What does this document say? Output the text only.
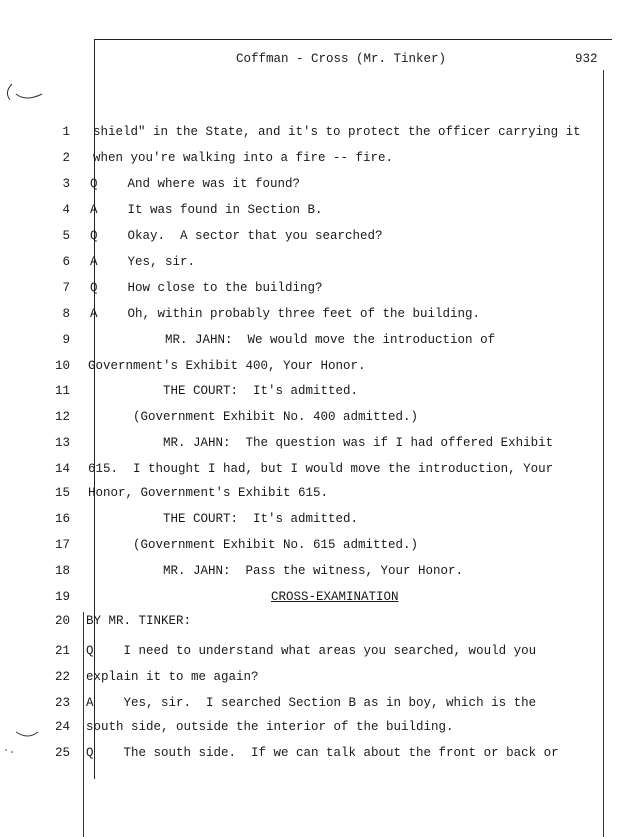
Coffman - Cross (Mr. Tinker)	932
1 shield" in the State, and it's to protect the officer carrying it
2 when you're walking into a fire -- fire.
3 Q    And where was it found?
4 A    It was found in Section B.
5 Q    Okay.  A sector that you searched?
6 A    Yes, sir.
7 Q    How close to the building?
8 A    Oh, within probably three feet of the building.
9 MR. JAHN:  We would move the introduction of
10 Government's Exhibit 400, Your Honor.
11 THE COURT:  It's admitted.
12 (Government Exhibit No. 400 admitted.)
13 MR. JAHN:  The question was if I had offered Exhibit
14 615.  I thought I had, but I would move the introduction, Your
15 Honor, Government's Exhibit 615.
16 THE COURT:  It's admitted.
17 (Government Exhibit No. 615 admitted.)
18 MR. JAHN:  Pass the witness, Your Honor.
19	CROSS-EXAMINATION
20 BY MR. TINKER:
21 Q    I need to understand what areas you searched, would you
22 explain it to me again?
23 A    Yes, sir.  I searched Section B as in boy, which is the
24 south side, outside the interior of the building.
25 Q    The south side.  If we can talk about the front or back or
